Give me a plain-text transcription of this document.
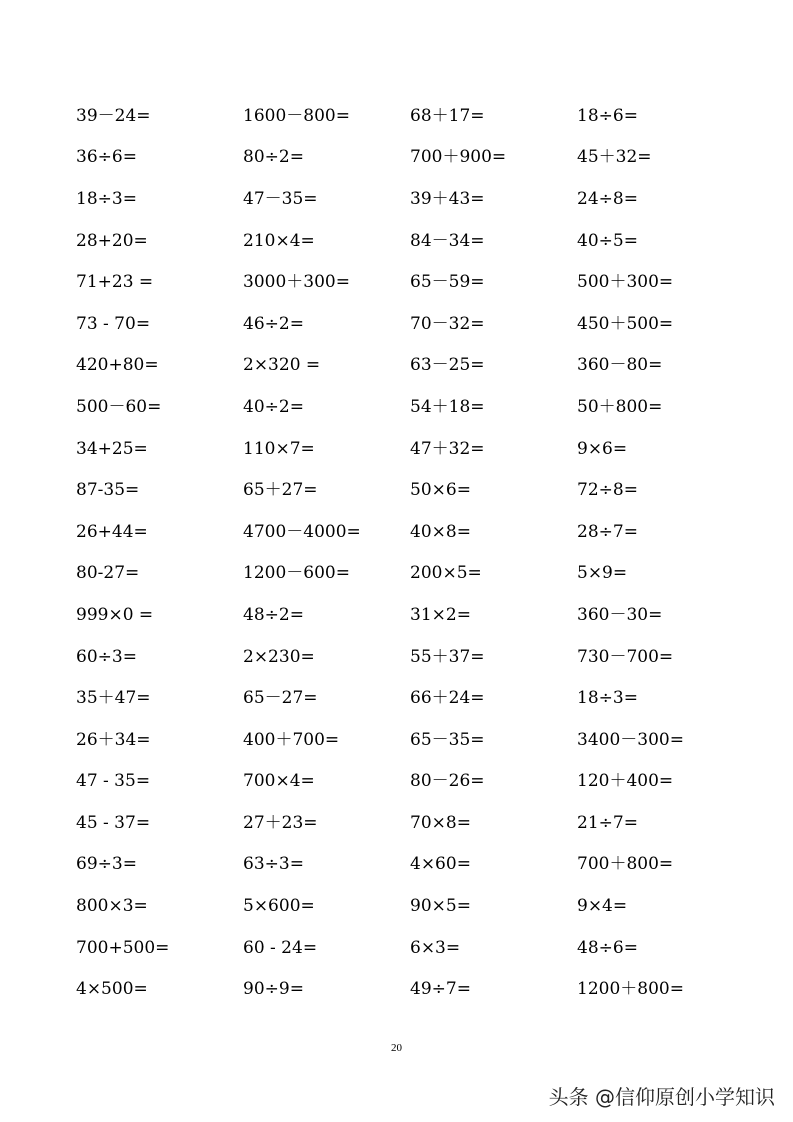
39－24=	1600－800=	68＋17=	18÷6=
36÷6=	80÷2=	700＋900=	45＋32=
18÷3=	47－35=	39＋43=	24÷8=
28+20=	210×4=	84－34=	40÷5=
71+23 =	3000＋300=	65－59=	500＋300=
73 - 70=	46÷2=	70－32=	450＋500=
420+80=	2×320 =	63－25=	360－80=
500－60=	40÷2=	54＋18=	50＋800=
34+25=	110×7=	47＋32=	9×6=
87-35=	65＋27=	50×6=	72÷8=
26+44=	4700－4000=	40×8=	28÷7=
80-27=	1200－600=	200×5=	5×9=
999×0 =	48÷2=	31×2=	360－30=
60÷3=	2×230=	55＋37=	730－700=
35＋47=	65－27=	66＋24=	18÷3=
26＋34=	400＋700=	65－35=	3400－300=
47 - 35=	700×4=	80－26=	120＋400=
45 - 37=	27＋23=	70×8=	21÷7=
69÷3=	63÷3=	4×60=	700＋800=
800×3=	5×600=	90×5=	9×4=
700+500=	60 - 24=	6×3=	48÷6=
4×500=	90÷9=	49÷7=	1200＋800=
20
头条 @信仰原创小学知识
